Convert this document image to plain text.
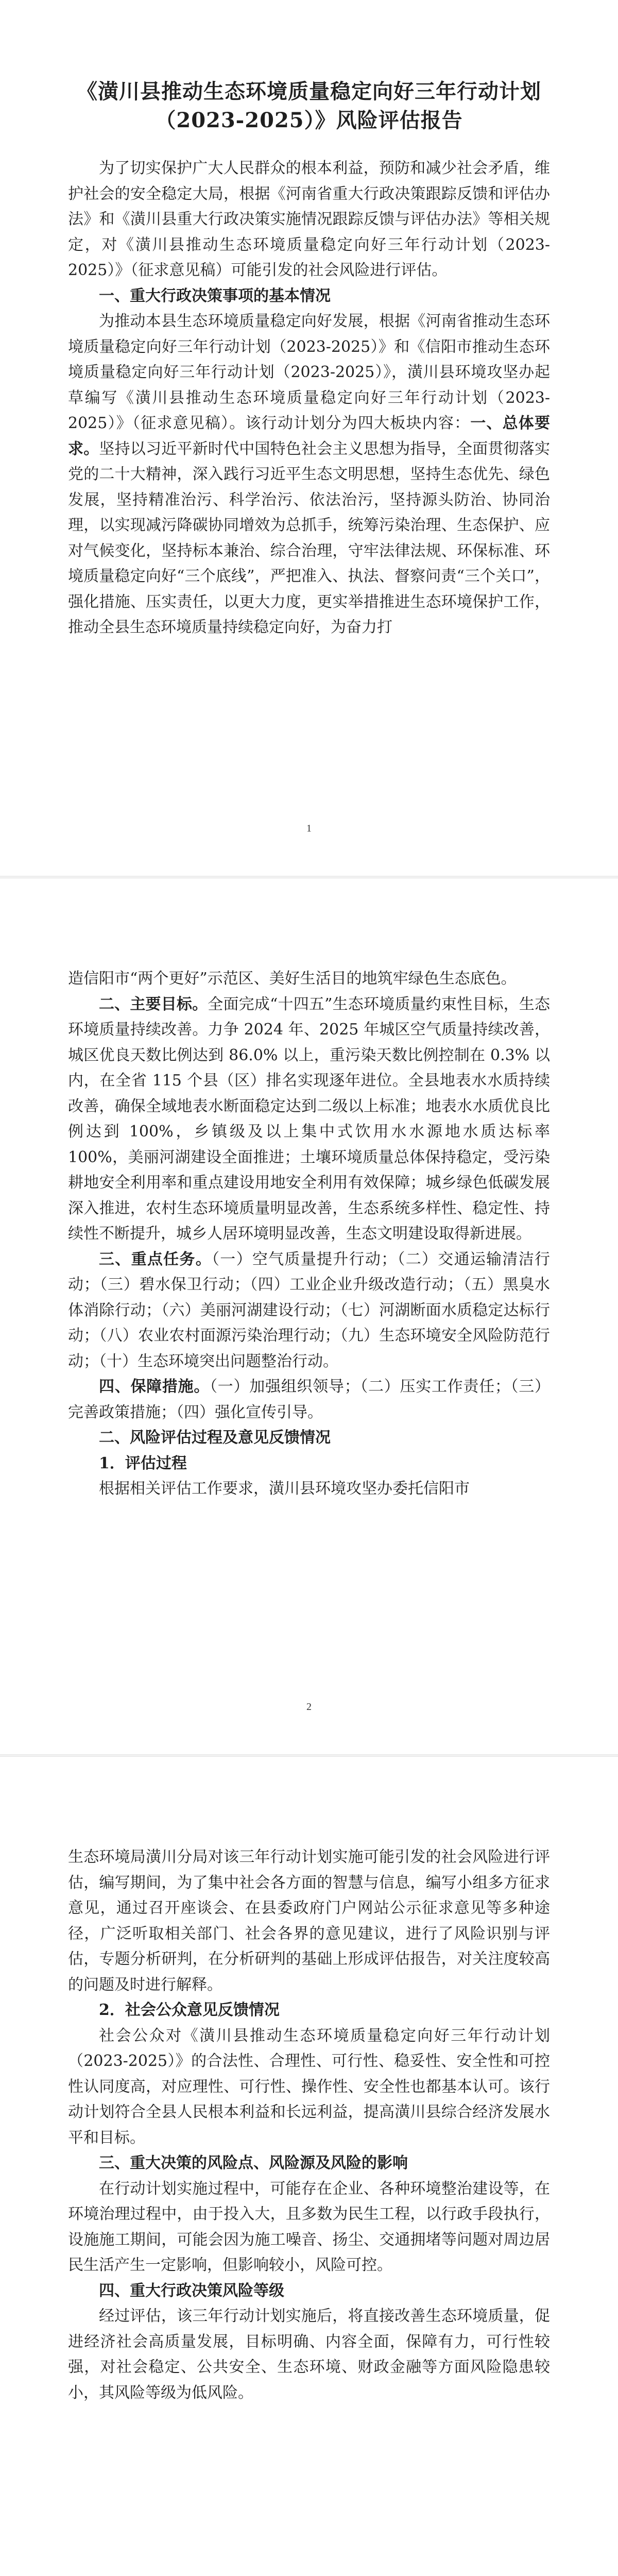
《潢川县推动生态环境质量稳定向好三年行动计划（2023-2025）》风险评估报告

为了切实保护广大人民群众的根本利益，预防和减少社会矛盾，维护社会的安全稳定大局，根据《河南省重大行政决策跟踪反馈和评估办法》和《潢川县重大行政决策实施情况跟踪反馈与评估办法》等相关规定，对《潢川县推动生态环境质量稳定向好三年行动计划（2023-2025）》（征求意见稿）可能引发的社会风险进行评估。

一、重大行政决策事项的基本情况

为推动本县生态环境质量稳定向好发展，根据《河南省推动生态环境质量稳定向好三年行动计划（2023-2025）》和《信阳市推动生态环境质量稳定向好三年行动计划（2023-2025）》，潢川县环境攻坚办起草编写《潢川县推动生态环境质量稳定向好三年行动计划（2023-2025）》（征求意见稿）。该行动计划分为四大板块内容：一、总体要求。坚持以习近平新时代中国特色社会主义思想为指导，全面贯彻落实党的二十大精神，深入践行习近平生态文明思想，坚持生态优先、绿色发展，坚持精准治污、科学治污、依法治污，坚持源头防治、协同治理，以实现减污降碳协同增效为总抓手，统筹污染治理、生态保护、应对气候变化，坚持标本兼治、综合治理，守牢法律法规、环保标准、环境质量稳定向好“三个底线”，严把准入、执法、督察问责“三个关口”，强化措施、压实责任，以更大力度，更实举措推进生态环境保护工作，推动全县生态环境质量持续稳定向好，为奋力打

1

造信阳市“两个更好”示范区、美好生活目的地筑牢绿色生态底色。

二、主要目标。全面完成“十四五”生态环境质量约束性目标，生态环境质量持续改善。力争 2024 年、2025 年城区空气质量持续改善，城区优良天数比例达到 86.0% 以上，重污染天数比例控制在 0.3% 以内，在全省 115 个县（区）排名实现逐年进位。全县地表水水质持续改善，确保全域地表水断面稳定达到二级以上标准；地表水水质优良比例达到 100%，乡镇级及以上集中式饮用水水源地水质达标率 100%，美丽河湖建设全面推进；土壤环境质量总体保持稳定，受污染耕地安全利用率和重点建设用地安全利用有效保障；城乡绿色低碳发展深入推进，农村生态环境质量明显改善，生态系统多样性、稳定性、持续性不断提升，城乡人居环境明显改善，生态文明建设取得新进展。

三、重点任务。（一）空气质量提升行动；（二）交通运输清洁行动；（三）碧水保卫行动；（四）工业企业升级改造行动；（五）黑臭水体消除行动；（六）美丽河湖建设行动；（七）河湖断面水质稳定达标行动；（八）农业农村面源污染治理行动；（九）生态环境安全风险防范行动；（十）生态环境突出问题整治行动。

四、保障措施。（一）加强组织领导；（二）压实工作责任；（三）完善政策措施；（四）强化宣传引导。

二、风险评估过程及意见反馈情况
1．评估过程

根据相关评估工作要求，潢川县环境攻坚办委托信阳市

2

生态环境局潢川分局对该三年行动计划实施可能引发的社会风险进行评估，编写期间，为了集中社会各方面的智慧与信息，编写小组多方征求意见，通过召开座谈会、在县委政府门户网站公示征求意见等多种途径，广泛听取相关部门、社会各界的意见建议，进行了风险识别与评估，专题分析研判，在分析研判的基础上形成评估报告，对关注度较高的问题及时进行解释。

2．社会公众意见反馈情况

社会公众对《潢川县推动生态环境质量稳定向好三年行动计划（2023-2025）》的合法性、合理性、可行性、稳妥性、安全性和可控性认同度高，对应理性、可行性、操作性、安全性也都基本认可。该行动计划符合全县人民根本利益和长远利益，提高潢川县综合经济发展水平和目标。

三、重大决策的风险点、风险源及风险的影响

在行动计划实施过程中，可能存在企业、各种环境整治建设等，在环境治理过程中，由于投入大，且多数为民生工程，以行政手段执行，设施施工期间，可能会因为施工噪音、扬尘、交通拥堵等问题对周边居民生活产生一定影响，但影响较小，风险可控。

四、重大行政决策风险等级

经过评估，该三年行动计划实施后，将直接改善生态环境质量，促进经济社会高质量发展，目标明确、内容全面，保障有力，可行性较强，对社会稳定、公共安全、生态环境、财政金融等方面风险隐患较小，其风险等级为低风险。
